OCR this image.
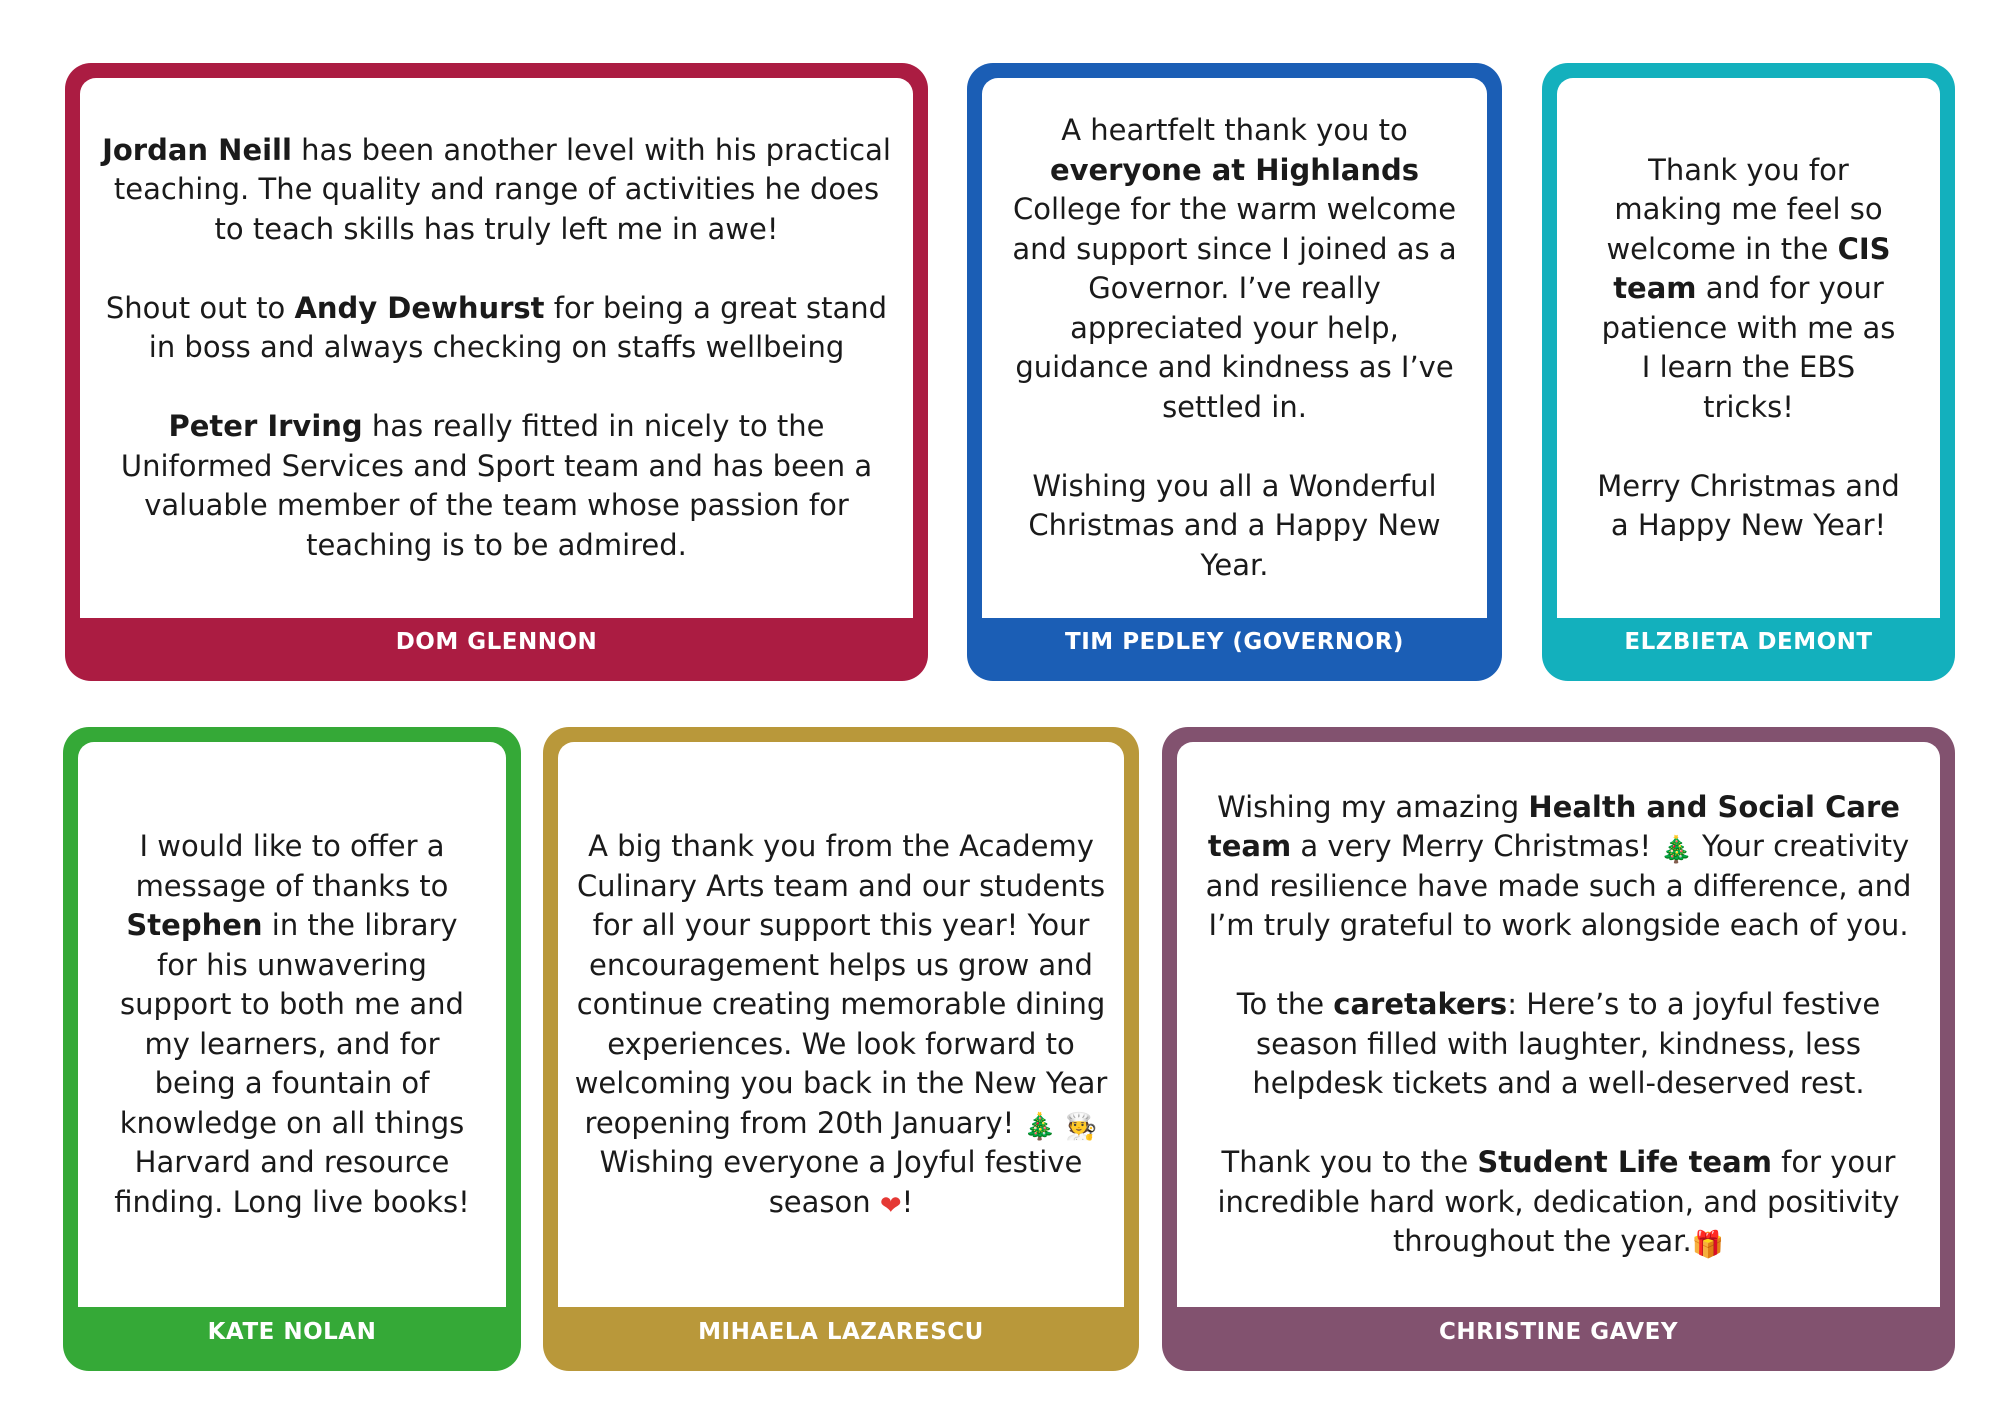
Jordan Neill has been another level with his practical teaching. The quality and range of activities he does to teach skills has truly left me in awe!

Shout out to Andy Dewhurst for being a great stand in boss and always checking on staffs wellbeing

Peter Irving has really fitted in nicely to the Uniformed Services and Sport team and has been a valuable member of the team whose passion for teaching is to be admired.

DOM GLENNON

A heartfelt thank you to everyone at Highlands College for the warm welcome and support since I joined as a Governor. I’ve really appreciated your help, guidance and kindness as I’ve settled in.

Wishing you all a Wonderful Christmas and a Happy New Year.

TIM PEDLEY (GOVERNOR)

Thank you for making me feel so welcome in the CIS team and for your patience with me as I learn the EBS tricks!

Merry Christmas and a Happy New Year!

ELZBIETA DEMONT

I would like to offer a message of thanks to Stephen in the library for his unwavering support to both me and my learners, and for being a fountain of knowledge on all things Harvard and resource finding. Long live books!

KATE NOLAN

A big thank you from the Academy Culinary Arts team and our students for all your support this year! Your encouragement helps us grow and continue creating memorable dining experiences. We look forward to welcoming you back in the New Year reopening from 20th January! 🎄 🧑‍🍳Wishing everyone a Joyful festive season ❤!

MIHAELA LAZARESCU

Wishing my amazing Health and Social Care team a very Merry Christmas! 🎄 Your creativity and resilience have made such a difference, and I’m truly grateful to work alongside each of you.

To the caretakers: Here’s to a joyful festive season filled with laughter, kindness, less helpdesk tickets and a well-deserved rest.

Thank you to the Student Life team for your incredible hard work, dedication, and positivity throughout the year.🎁

CHRISTINE GAVEY
